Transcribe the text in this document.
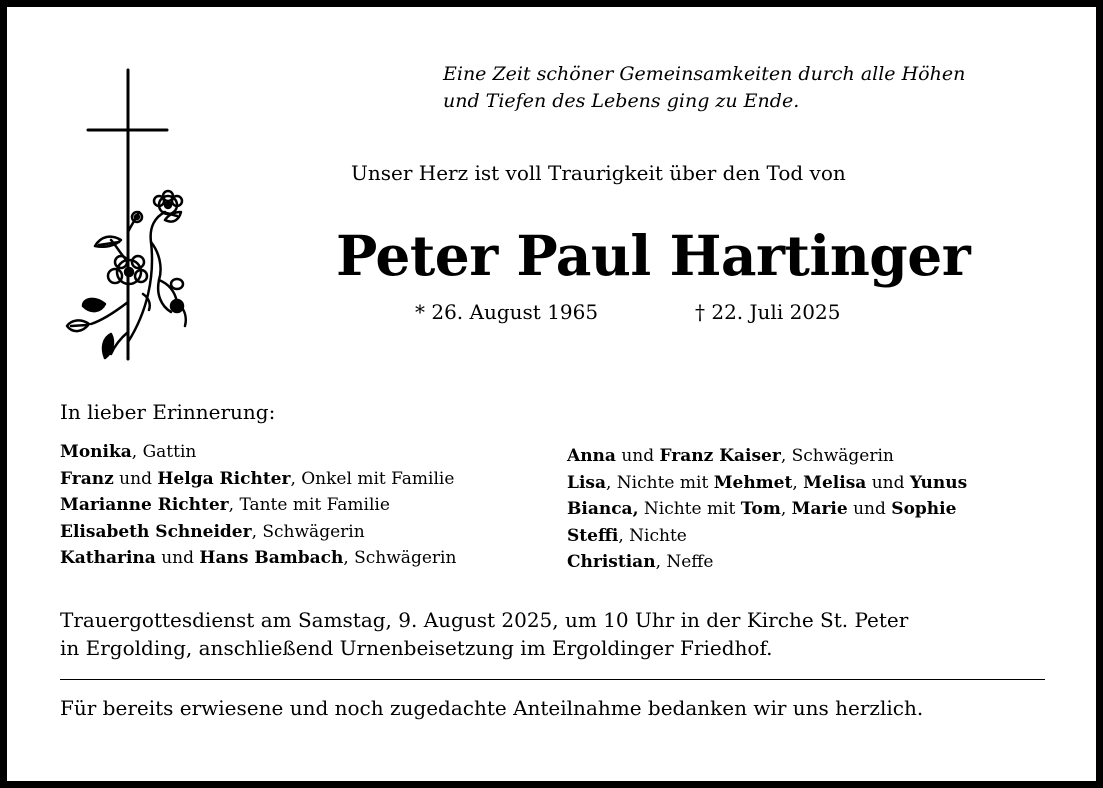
Eine Zeit schöner Gemeinsamkeiten durch alle Höhen
und Tiefen des Lebens ging zu Ende.

Unser Herz ist voll Traurigkeit über den Tod von

Peter Paul Hartinger

* 26. August 1965	† 22. Juli 2025

In lieber Erinnerung:

Monika, Gattin
Franz und Helga Richter, Onkel mit Familie
Marianne Richter, Tante mit Familie
Elisabeth Schneider, Schwägerin
Katharina und Hans Bambach, Schwägerin
Anna und Franz Kaiser, Schwägerin
Lisa, Nichte mit Mehmet, Melisa und Yunus
Bianca, Nichte mit Tom, Marie und Sophie
Steffi, Nichte
Christian, Neffe

Trauergottesdienst am Samstag, 9. August 2025, um 10 Uhr in der Kirche St. Peter
in Ergolding, anschließend Urnenbeisetzung im Ergoldinger Friedhof.

Für bereits erwiesene und noch zugedachte Anteilnahme bedanken wir uns herzlich.
